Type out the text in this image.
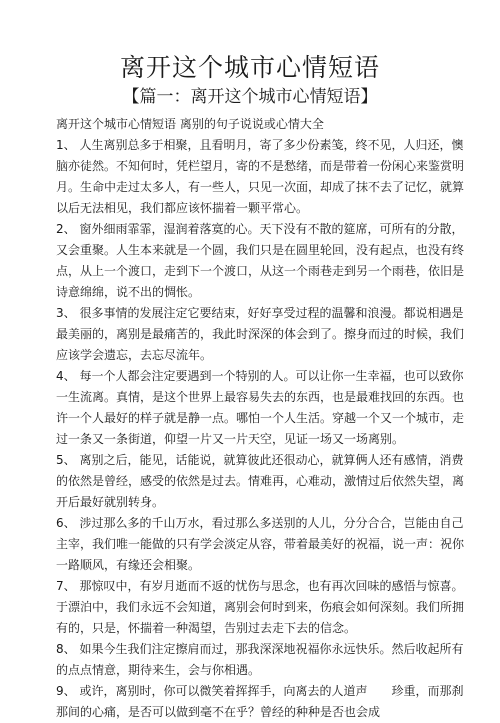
离开这个城市心情短语
【篇一：离开这个城市心情短语】

离开这个城市心情短语 离别的句子说说或心情大全

1、 人生离别总多于相聚，且看明月，寄了多少份素笺，终不见，人归还，懊脑亦徒然。不知何时，凭栏望月，寄的不是愁绪，而是带着一份闲心来鉴赏明月。生命中走过太多人，有一些人，只见一次面，却成了抹不去了记忆，就算以后无法相见，我们都应该怀揣着一颗平常心。

2、 窗外细雨霏霏，湿润着落寞的心。天下没有不散的筵席，可所有的分散，又会重聚。人生本来就是一个圆，我们只是在圆里轮回，没有起点，也没有终点，从上一个渡口，走到下一个渡口，从这一个雨巷走到另一个雨巷，依旧是诗意绵绵，说不出的惆怅。

3、 很多事情的发展注定它要结束，好好享受过程的温馨和浪漫。都说相遇是最美丽的，离别是最痛苦的，我此时深深的体会到了。擦身而过的时候，我们应该学会遗忘，去忘尽流年。

4、 每一个人都会注定要遇到一个特别的人。可以让你一生幸福，也可以致你一生流离。真情，是这个世界上最容易失去的东西，也是最难找回的东西。也许一个人最好的样子就是静一点。哪怕一个人生活。穿越一个又一个城市，走过一条又一条街道，仰望一片又一片天空，见证一场又一场离别。

5、 离别之后，能见，话能说，就算彼此还很动心，就算俩人还有感情，消费的依然是曾经，感受的依然是过去。情难再，心难动，激情过后依然失望，离开后最好就别转身。

6、 涉过那么多的千山万水，看过那么多送别的人儿，分分合合，岂能由自己主宰，我们唯一能做的只有学会淡定从容，带着最美好的祝福，说一声：祝你一路顺风，有缘还会相聚。

7、 那惊叹中，有岁月逝而不返的忧伤与思念，也有再次回味的感悟与惊喜。于漂泊中，我们永远不会知道，离别会何时到来，伤痕会如何深刻。我们所拥有的，只是，怀揣着一种渴望，告别过去走下去的信念。

8、 如果今生我们注定擦肩而过，那我深深地祝福你永远快乐。然后收起所有的点点情意，期待来生，会与你相遇。

9、 或许，离别时，你可以微笑着挥挥手，向离去的人道声　　珍重，而那刹那间的心痛，是否可以做到毫不在乎？曾经的种种是否也会成
